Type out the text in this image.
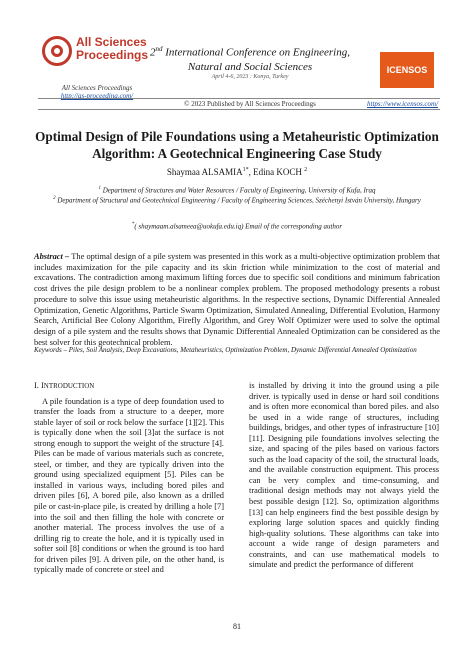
All Sciences
Proceedings
All Sciences Proceedings
http://as-proceeding.com/
2nd International Conference on Engineering, Natural and Social Sciences
April 4-6, 2023 : Konya, Turkey
ICENSOS
© 2023 Published by All Sciences Proceedings	https://www.icensos.com/
Optimal Design of Pile Foundations using a Metaheuristic Optimization Algorithm: A Geotechnical Engineering Case Study
Shaymaa $ALSAMIA^{1*}$, Edina KOCH $^2$
$^1$ Department of Structures and Water Resources / Faculty of Engineering, University of Kufa, Iraq
$^2$ Department of Structural and Geotechnical Engineering / Faculty of Engineering Sciences, Széchenyi István University, Hungary
*( shaymaam.alsameea@uokufa.edu.iq) Email of the corresponding author
Abstract – The optimal design of a pile system was presented in this work as a multi-objective optimization problem that includes maximization for the pile capacity and its skin friction while minimization to the cost of material and excavations. The contradiction among maximum lifting forces due to specific soil conditions and minimum fabrication cost drives the pile design problem to be a nonlinear complex problem. The proposed methodology presents a robust procedure to solve this issue using metaheuristic algorithms. In the respective sections, Dynamic Differential Annealed Optimization, Genetic Algorithms, Particle Swarm Optimization, Simulated Annealing, Differential Evolution, Harmony Search, Artificial Bee Colony Algorithm, Firefly Algorithm, and Grey Wolf Optimizer were used to solve the optimal design of a pile system and the results shows that Dynamic Differential Annealed Optimization can be considered as the best solver for this geotechnical problem.
Keywords – Piles, Soil Analysis, Deep Excavations, Metaheuristics, Optimization Problem, Dynamic Differential Annealed Optimization
I. INTRODUCTION

A pile foundation is a type of deep foundation used to transfer the loads from a structure to a deeper, more stable layer of soil or rock below the surface [1][2]. This is typically done when the soil [3]at the surface is not strong enough to support the weight of the structure [4]. Piles can be made of various materials such as concrete, steel, or timber, and they are typically driven into the ground using specialized equipment [5]. Piles can be installed in various ways, including bored piles and driven piles [6], A bored pile, also known as a drilled pile or cast-in-place pile, is created by drilling a hole [7] into the soil and then filling the hole with concrete or another material. The process involves the use of a drilling rig to create the hole, and it is typically used in softer soil [8] conditions or when the ground is too hard for driven piles [9]. A driven pile, on the other hand, is typically made of concrete or steel and

is installed by driving it into the ground using a pile driver. is typically used in dense or hard soil conditions and is often more economical than bored piles. and also be used in a wide range of structures, including buildings, bridges, and other types of infrastructure [10] [11]. Designing pile foundations involves selecting the size, and spacing of the piles based on various factors such as the load capacity of the soil, the structural loads, and the available construction equipment. This process can be very complex and time-consuming, and traditional design methods may not always yield the best possible design [12]. So, optimization algorithms [13] can help engineers find the best possible design by exploring large solution spaces and quickly finding high-quality solutions. These algorithms can take into account a wide range of design parameters and constraints, and can use mathematical models to simulate and predict the performance of different

81
